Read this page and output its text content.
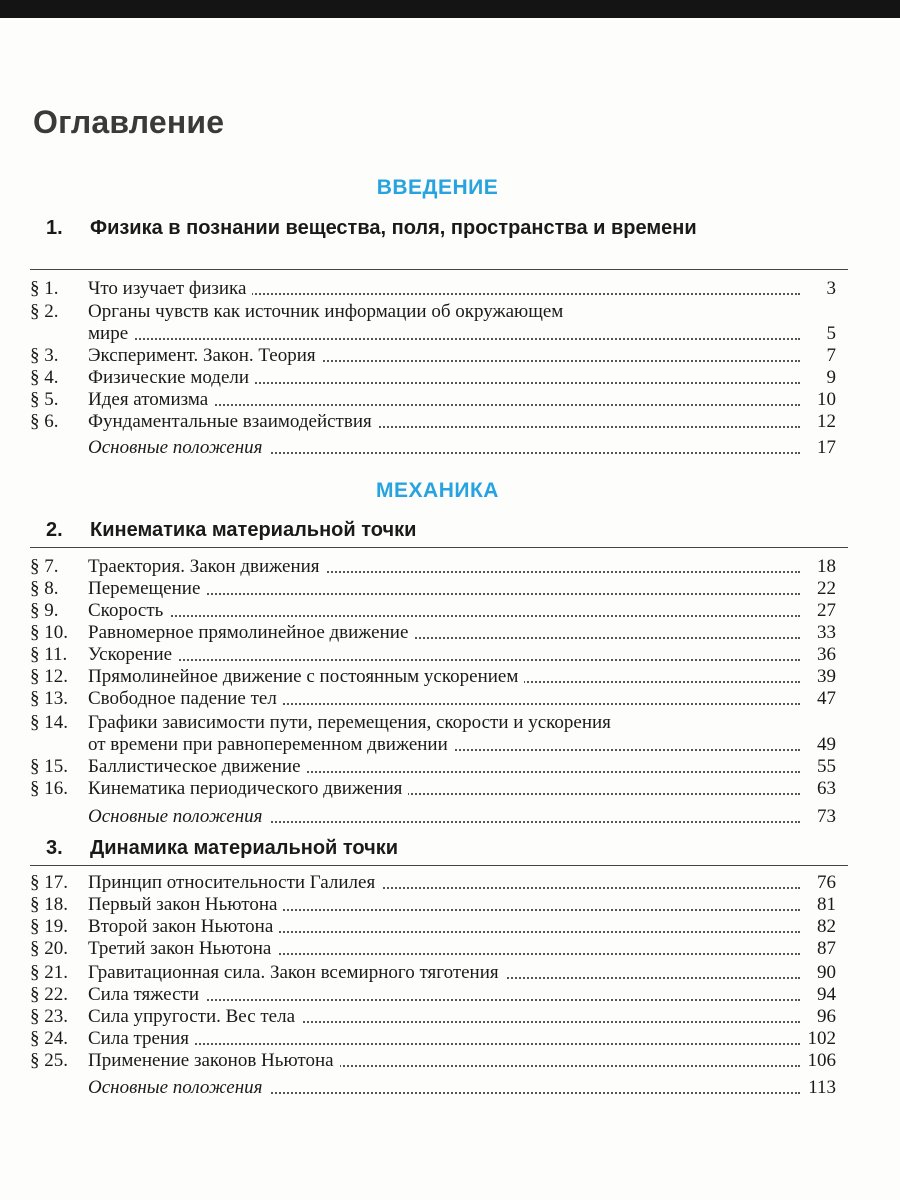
Оглавление
ВВЕДЕНИЕ
1. Физика в познании вещества, поля, пространства и времени
§ 1. Что изучает физика	3
§ 2. Органы чувств как источник информации об окружающем
мире	5
§ 3. Эксперимент. Закон. Теория	7
§ 4. Физические модели	9
§ 5. Идея атомизма	10
§ 6. Фундаментальные взаимодействия	12
Основные положения	17
МЕХАНИКА
2. Кинематика материальной точки
§ 7. Траектория. Закон движения	18
§ 8. Перемещение	22
§ 9. Скорость	27
§ 10. Равномерное прямолинейное движение	33
§ 11. Ускорение	36
§ 12. Прямолинейное движение с постоянным ускорением	39
§ 13. Свободное падение тел	47
§ 14. Графики зависимости пути, перемещения, скорости и ускорения
от времени при равнопеременном движении	49
§ 15. Баллистическое движение	55
§ 16. Кинематика периодического движения	63
Основные положения	73
3. Динамика материальной точки
§ 17. Принцип относительности Галилея	76
§ 18. Первый закон Ньютона	81
§ 19. Второй закон Ньютона	82
§ 20. Третий закон Ньютона	87
§ 21. Гравитационная сила. Закон всемирного тяготения	90
§ 22. Сила тяжести	94
§ 23. Сила упругости. Вес тела	96
§ 24. Сила трения	102
§ 25. Применение законов Ньютона	106
Основные положения	113
